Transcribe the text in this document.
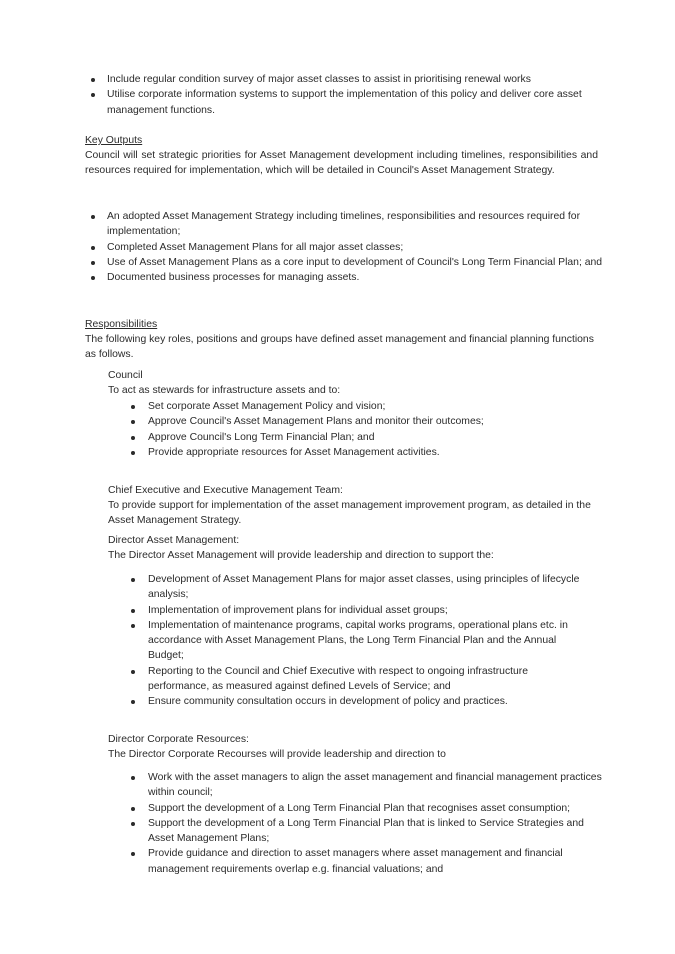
Include regular condition survey of major asset classes to assist in prioritising renewal works
Utilise corporate information systems to support the implementation of this policy and deliver core asset management functions.
Key Outputs
Council will set strategic priorities for Asset Management development including timelines, responsibilities and resources required for implementation, which will be detailed in Council's Asset Management Strategy.
An adopted Asset Management Strategy including timelines, responsibilities and resources required for implementation;
Completed Asset Management Plans for all major asset classes;
Use of Asset Management Plans as a core input to development of Council's Long Term Financial Plan; and
Documented business processes for managing assets.
Responsibilities
The following key roles, positions and groups have defined asset management and financial planning functions as follows.
Council
To act as stewards for infrastructure assets and to:
Set corporate Asset Management Policy and vision;
Approve Council's Asset Management Plans and monitor their outcomes;
Approve Council's Long Term Financial Plan; and
Provide appropriate resources for Asset Management activities.
Chief Executive and Executive Management Team:
To provide support for implementation of the asset management improvement program, as detailed in the Asset Management Strategy.
Director Asset Management:
The Director Asset Management will provide leadership and direction to support the:
Development of Asset Management Plans for major asset classes, using principles of lifecycle analysis;
Implementation of improvement plans for individual asset groups;
Implementation of maintenance programs, capital works programs, operational plans etc. in accordance with Asset Management Plans, the Long Term Financial Plan and the Annual Budget;
Reporting to the Council and Chief Executive with respect to ongoing infrastructure performance, as measured against defined Levels of Service; and
Ensure community consultation occurs in development of policy and practices.
Director Corporate Resources:
The Director Corporate Recourses will provide leadership and direction to
Work with the asset managers to align the asset management and financial management practices within council;
Support the development of a Long Term Financial Plan that recognises asset consumption;
Support the development of a Long Term Financial Plan that is linked to Service Strategies and Asset Management Plans;
Provide guidance and direction to asset managers where asset management and financial management requirements overlap e.g. financial valuations; and
